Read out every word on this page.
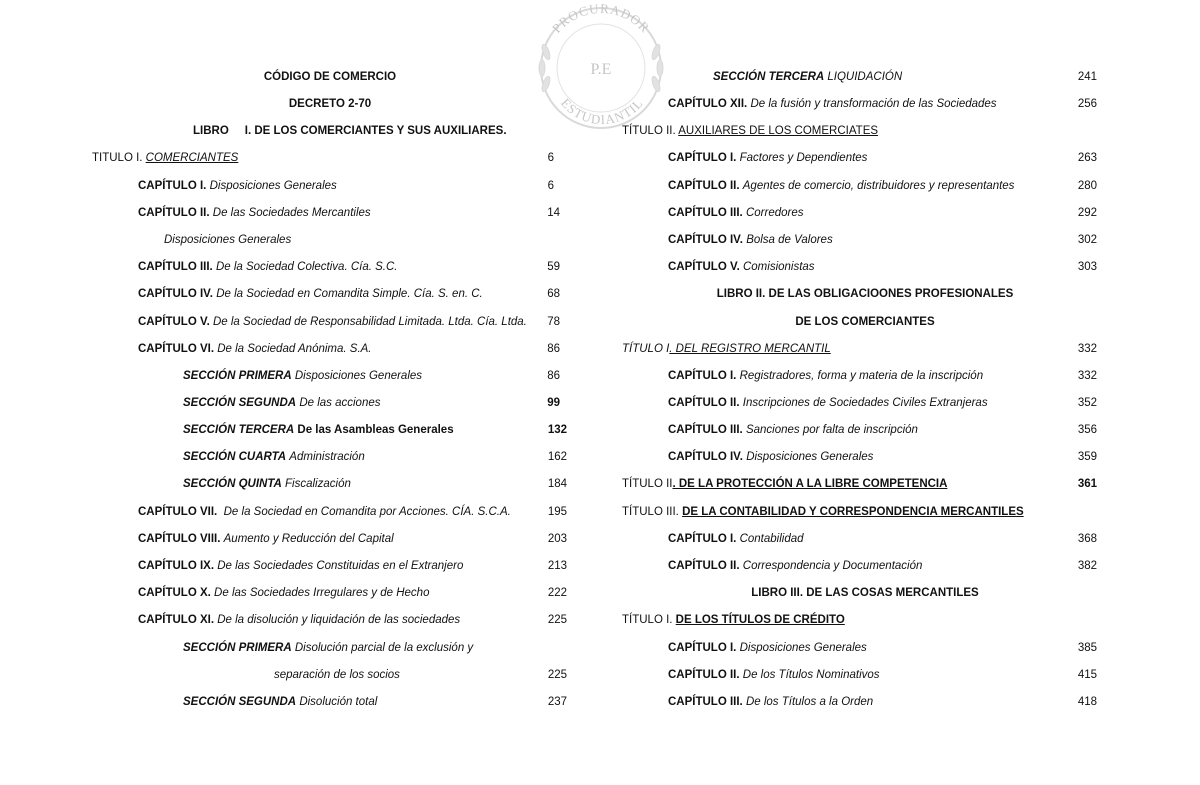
PROCURADOR
P.E
ESTUDIANTIL
CÓDIGO DE COMERCIO
DECRETO 2-70
LIBRO     I. DE LOS COMERCIANTES Y SUS AUXILIARES.
TITULO I. COMERCIANTES	6
CAPÍTULO I. Disposiciones Generales	6
CAPÍTULO II. De las Sociedades Mercantiles	14
Disposiciones Generales
CAPÍTULO III. De la Sociedad Colectiva. Cía. S.C.	59
CAPÍTULO IV. De la Sociedad en Comandita Simple. Cía. S. en. C.	68
CAPÍTULO V. De la Sociedad de Responsabilidad Limitada. Ltda. Cía. Ltda.	78
CAPÍTULO VI. De la Sociedad Anónima. S.A.	86
SECCIÓN PRIMERA Disposiciones Generales	86
SECCIÓN SEGUNDA De las acciones	99
SECCIÓN TERCERA De las Asambleas Generales	132
SECCIÓN CUARTA Administración	162
SECCIÓN QUINTA Fiscalización	184
CAPÍTULO VII. De la Sociedad en Comandita por Acciones. CÍA. S.C.A.	195
CAPÍTULO VIII. Aumento y Reducción del Capital	203
CAPÍTULO IX. De las Sociedades Constituidas en el Extranjero	213
CAPÍTULO X. De las Sociedades Irregulares y de Hecho	222
CAPÍTULO XI. De la disolución y liquidación de las sociedades	225
SECCIÓN PRIMERA Disolución parcial de la exclusión y
separación de los socios	225
SECCIÓN SEGUNDA Disolución total	237
SECCIÓN TERCERA LIQUIDACIÓN	241
CAPÍTULO XII. De la fusión y transformación de las Sociedades	256
TÍTULO II. AUXILIARES DE LOS COMERCIATES
CAPÍTULO I. Factores y Dependientes	263
CAPÍTULO II. Agentes de comercio, distribuidores y representantes	280
CAPÍTULO III. Corredores	292
CAPÍTULO IV. Bolsa de Valores	302
CAPÍTULO V. Comisionistas	303
LIBRO II. DE LAS OBLIGACIOONES PROFESIONALES
DE LOS COMERCIANTES
TÍTULO I. DEL REGISTRO MERCANTIL	332
CAPÍTULO I. Registradores, forma y materia de la inscripción	332
CAPÍTULO II. Inscripciones de Sociedades Civiles Extranjeras	352
CAPÍTULO III. Sanciones por falta de inscripción	356
CAPÍTULO IV. Disposiciones Generales	359
TÍTULO II. DE LA PROTECCIÓN A LA LIBRE COMPETENCIA	361
TÍTULO III. DE LA CONTABILIDAD Y CORRESPONDENCIA MERCANTILES
CAPÍTULO I. Contabilidad	368
CAPÍTULO II. Correspondencia y Documentación	382
LIBRO III. DE LAS COSAS MERCANTILES
TÍTULO I. DE LOS TÍTULOS DE CRÉDITO
CAPÍTULO I. Disposiciones Generales	385
CAPÍTULO II. De los Títulos Nominativos	415
CAPÍTULO III. De los Títulos a la Orden	418
